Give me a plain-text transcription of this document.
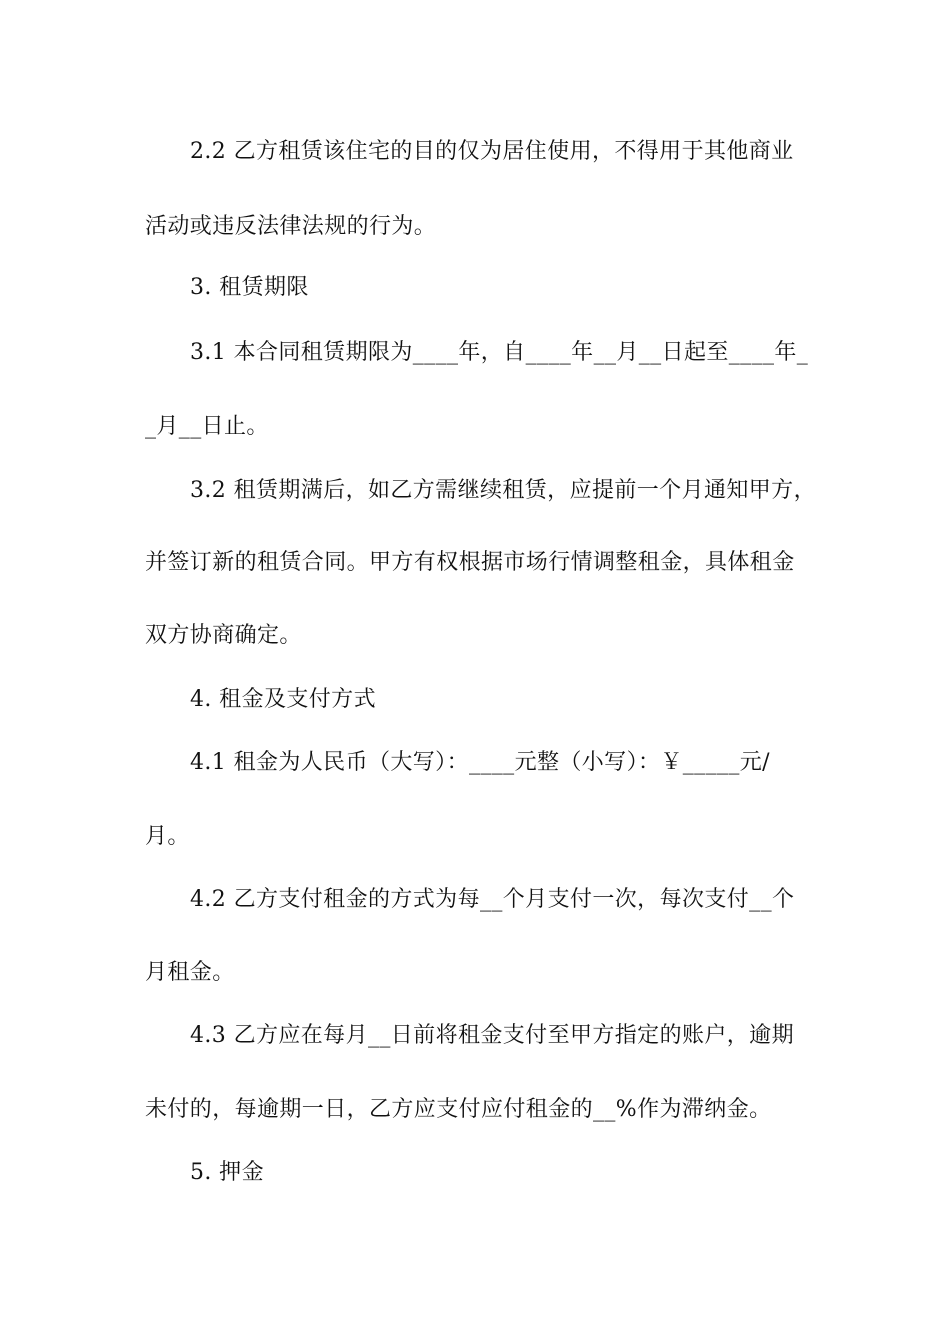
2.2 乙方租赁该住宅的目的仅为居住使用，不得用于其他商业
活动或违反法律法规的行为。
3. 租赁期限
3.1 本合同租赁期限为____年，自____年__月__日起至____年_
_月__日止。
3.2 租赁期满后，如乙方需继续租赁，应提前一个月通知甲方，
并签订新的租赁合同。甲方有权根据市场行情调整租金，具体租金
双方协商确定。
4. 租金及支付方式
4.1 租金为人民币（大写）：____元整（小写）：￥_____元/
月。
4.2 乙方支付租金的方式为每__个月支付一次，每次支付__个
月租金。
4.3 乙方应在每月__日前将租金支付至甲方指定的账户，逾期
未付的，每逾期一日，乙方应支付应付租金的__%作为滞纳金。
5. 押金
